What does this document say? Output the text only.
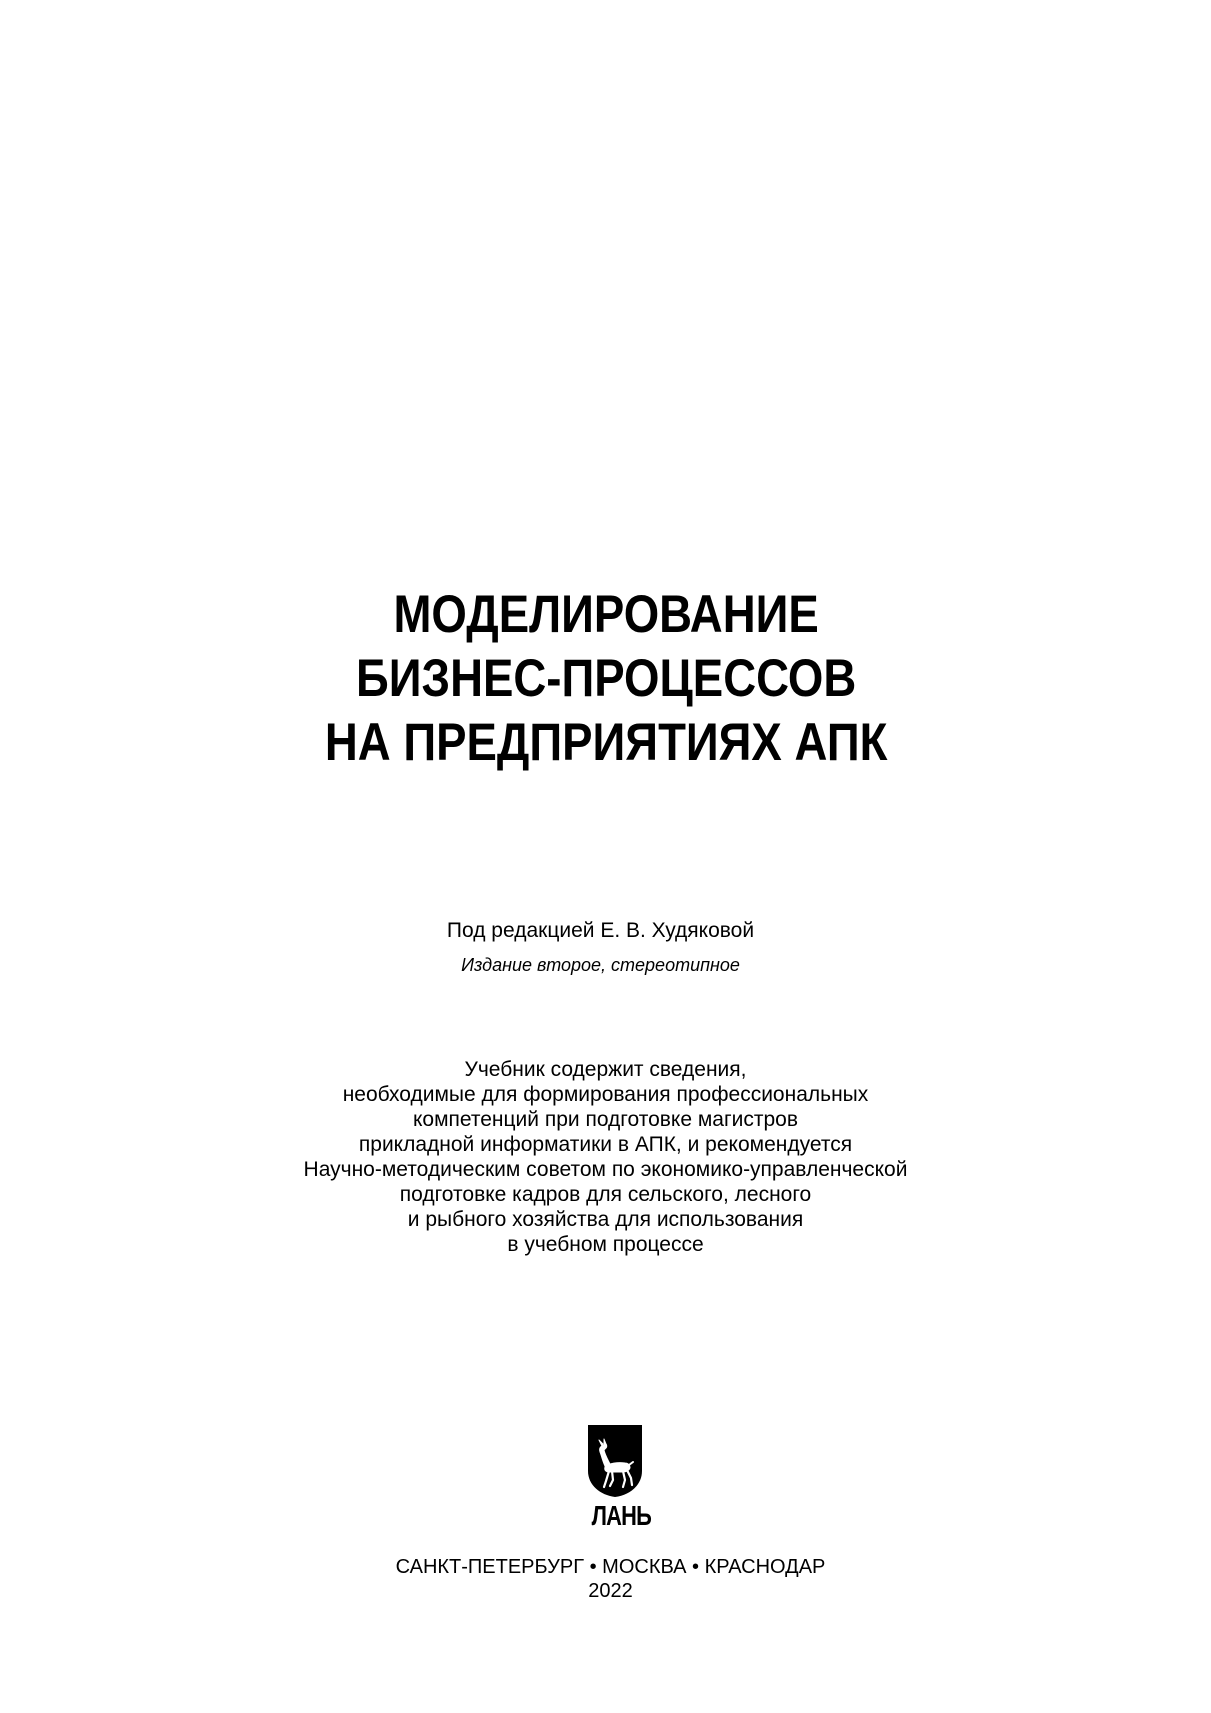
МОДЕЛИРОВАНИЕ
БИЗНЕС-ПРОЦЕССОВ
НА ПРЕДПРИЯТИЯХ АПК
Под редакцией Е. В. Худяковой
Издание второе, стереотипное
Учебник содержит сведения,
необходимые для формирования профессиональных
компетенций при подготовке магистров
прикладной информатики в АПК, и рекомендуется
Научно-методическим советом по экономико-управленческой
подготовке кадров для сельского, лесного
и рыбного хозяйства для использования
в учебном процессе
ЛАНЬ
САНКТ-ПЕТЕРБУРГ • МОСКВА • КРАСНОДАР
2022
